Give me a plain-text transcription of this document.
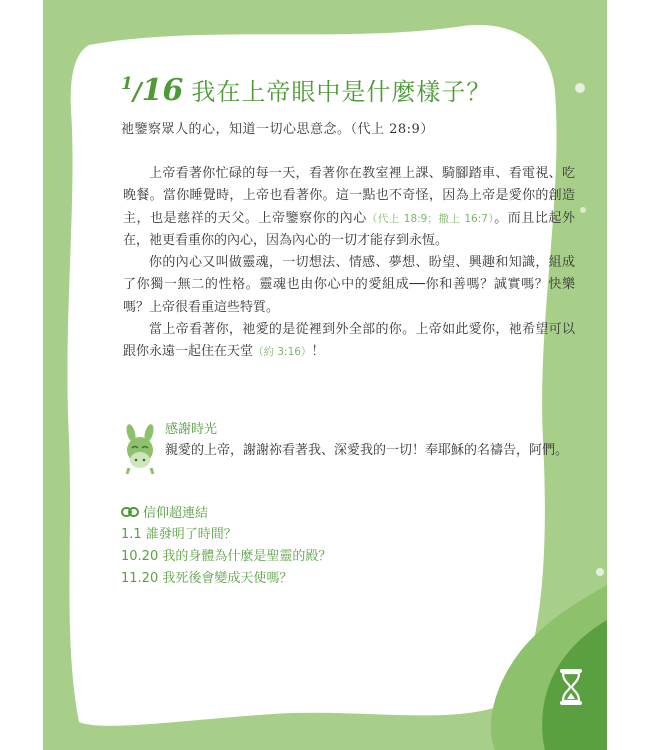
$^1$/16 我在上帝眼中是什麼樣子？
祂鑒察眾人的心，知道一切心思意念。（代上 28:9）

上帝看著你忙碌的每一天，看著你在教室裡上課、騎腳踏車、看電視、吃晚餐。當你睡覺時，上帝也看著你。這一點也不奇怪，因為上帝是愛你的創造主，也是慈祥的天父。上帝鑒察你的內心（代上 18:9；撒上 16:7）。而且比起外在，祂更看重你的內心，因為內心的一切才能存到永恆。

你的內心又叫做靈魂，一切想法、情感、夢想、盼望、興趣和知識，組成了你獨一無二的性格。靈魂也由你心中的愛組成──你和善嗎？誠實嗎？快樂嗎？上帝很看重這些特質。

當上帝看著你，祂愛的是從裡到外全部的你。上帝如此愛你，祂希望可以跟你永遠一起住在天堂（約 3:16）！

感謝時光
親愛的上帝，謝謝祢看著我、深愛我的一切！奉耶穌的名禱告，阿們。
信仰超連結
1.1 誰發明了時間？
10.20 我的身體為什麼是聖靈的殿？
11.20 我死後會變成天使嗎？
